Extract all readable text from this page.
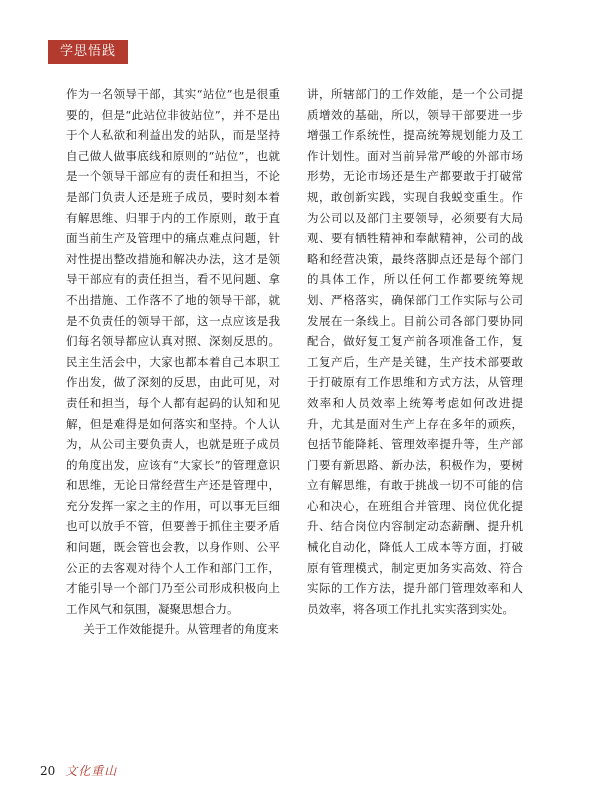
学思悟践

作为一名领导干部，其实“站位”也是很重要的，但是“此站位非彼站位”，并不是出于个人私欲和利益出发的站队，而是坚持自己做人做事底线和原则的“站位”，也就是一个领导干部应有的责任和担当，不论是部门负责人还是班子成员，要时刻本着有解思维、归罪于内的工作原则，敢于直面当前生产及管理中的痛点难点问题，针对性提出整改措施和解决办法，这才是领导干部应有的责任担当，看不见问题、拿不出措施、工作落不了地的领导干部，就是不负责任的领导干部，这一点应该是我们每名领导都应认真对照、深刻反思的。民主生活会中，大家也都本着自己本职工作出发，做了深刻的反思，由此可见，对责任和担当，每个人都有起码的认知和见解，但是难得是如何落实和坚持。个人认为，从公司主要负责人，也就是班子成员的角度出发，应该有“大家长”的管理意识和思维，无论日常经营生产还是管理中，充分发挥一家之主的作用，可以事无巨细也可以放手不管，但要善于抓住主要矛盾和问题，既会管也会教，以身作则、公平公正的去客观对待个人工作和部门工作，才能引导一个部门乃至公司形成积极向上工作风气和氛围，凝聚思想合力。

关于工作效能提升。从管理者的角度来

讲，所辖部门的工作效能，是一个公司提质增效的基础，所以，领导干部要进一步增强工作系统性，提高统筹规划能力及工作计划性。面对当前异常严峻的外部市场形势，无论市场还是生产都要敢于打破常规，敢创新实践，实现自我蜕变重生。作为公司以及部门主要领导，必须要有大局观、要有牺牲精神和奉献精神，公司的战略和经营决策，最终落脚点还是每个部门的具体工作，所以任何工作都要统筹规划、严格落实，确保部门工作实际与公司发展在一条线上。目前公司各部门要协同配合，做好复工复产前各项准备工作，复工复产后，生产是关键，生产技术部要敢于打破原有工作思维和方式方法，从管理效率和人员效率上统筹考虑如何改进提升，尤其是面对生产上存在多年的顽疾，包括节能降耗、管理效率提升等，生产部门要有新思路、新办法，积极作为，要树立有解思维，有敢于挑战一切不可能的信心和决心，在班组合并管理、岗位优化提升、结合岗位内容制定动态薪酬、提升机械化自动化，降低人工成本等方面，打破原有管理模式，制定更加务实高效、符合实际的工作方法，提升部门管理效率和人员效率，将各项工作扎扎实实落到实处。

20 文化重山
